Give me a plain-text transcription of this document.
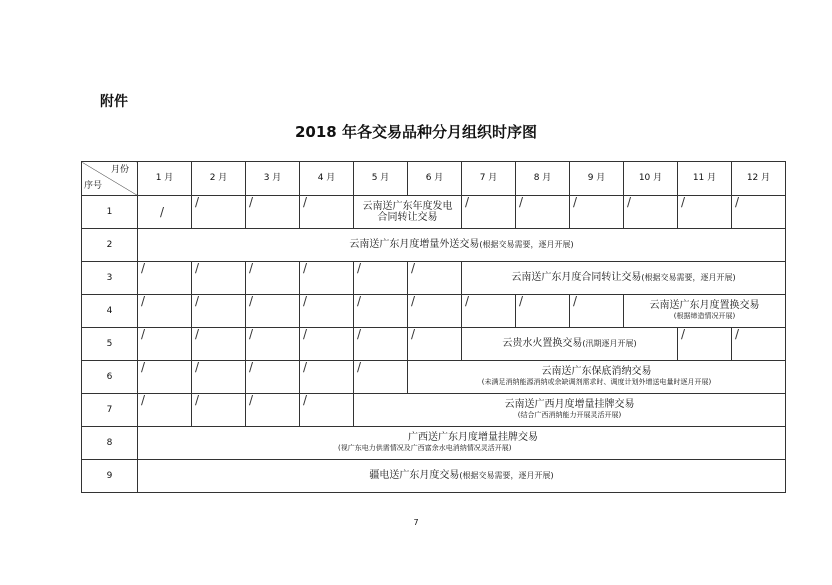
附件
2018 年各交易品种分月组织时序图
月份
序号	1 月	2 月	3 月	4 月	5 月	6 月	7 月	8 月	9 月	10 月	11 月	12 月
1	/	/	/	/	云南送广东年度发电合同转让交易		/	/	/	/	/	/

2	云南送广东月度增量外送交易(根据交易需要，逐月开展)											
3	/	/	/	/	/	/	云南送广东月度合同转让交易(根据交易需要，逐月开展)					
4	/	/	/	/	/	/	/	/	/	云南送广东月度置换交易
(根据缔造情况开展)		

5	/	/	/	/	/	/	云贵水火置换交易(汛期逐月开展)				/	/

6	/	/	/	/	/	云南送广东保底消纳交易
(未满足消纳能源消纳或余缺调剂需求时、调度计划外增送电量时逐月开展)						

7	/	/	/	/	云南送广西月度增量挂牌交易
(结合广西消纳能力开展灵活开展)							

8	广西送广东月度增量挂牌交易
(视广东电力供需情况及广西富余水电消纳情况灵活开展)											

9	疆电送广东月度交易(根据交易需要，逐月开展)											
7
